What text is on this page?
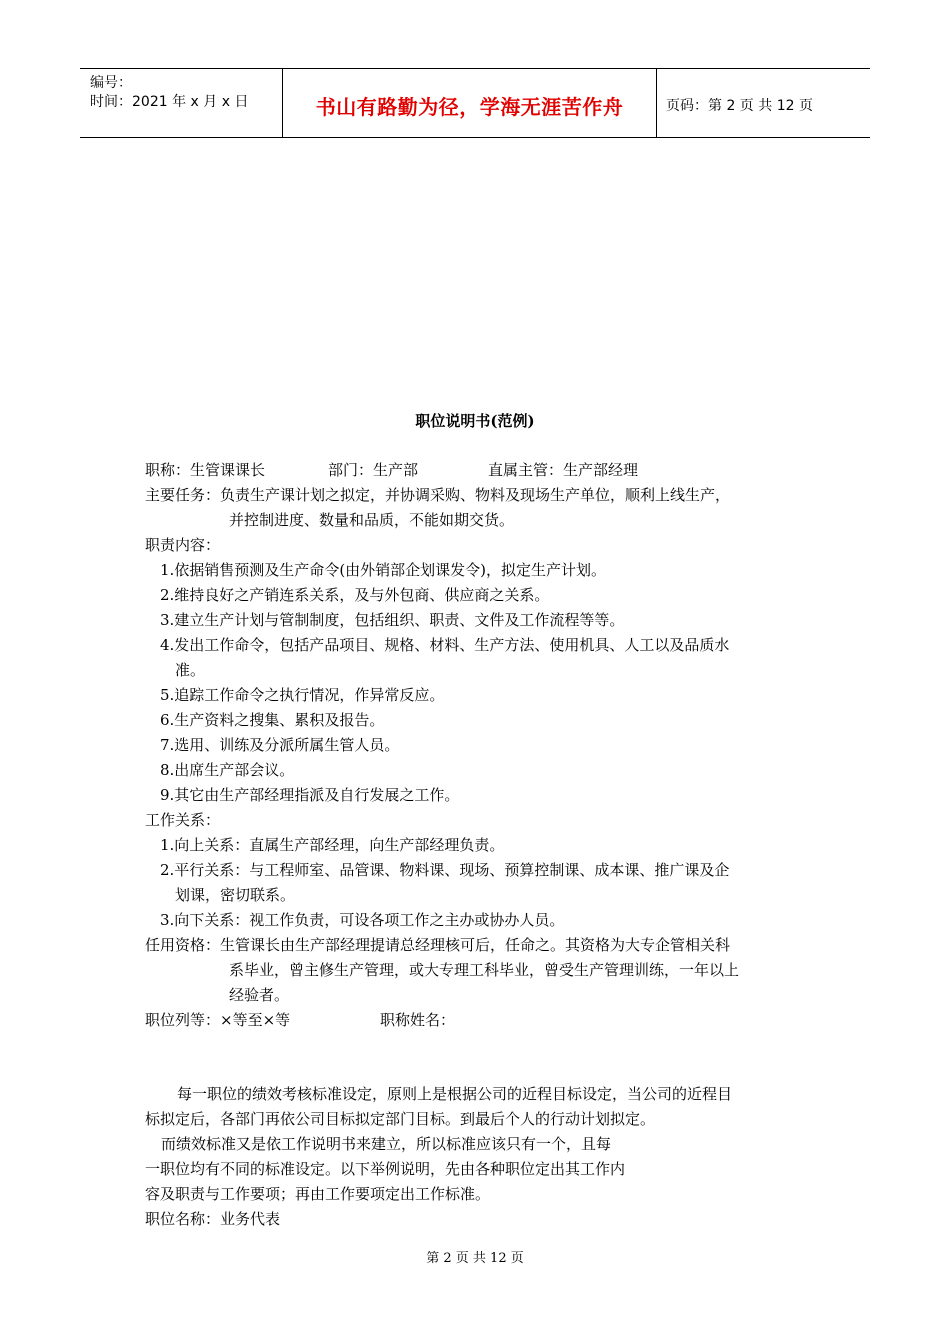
编号：
时间：2021 年 x 月 x 日	书山有路勤为径，学海无涯苦作舟	页码：第 2 页 共 12 页
职位说明书(范例)
职称：生管课课长	部门：生产部	直属主管：生产部经理
主要任务：负责生产课计划之拟定，并协调采购、物料及现场生产单位，顺利上线生产，
并控制进度、数量和品质，不能如期交货。
职责内容：
1.依据销售预测及生产命令(由外销部企划课发令)，拟定生产计划。
2.维持良好之产销连系关系，及与外包商、供应商之关系。
3.建立生产计划与管制制度，包括组织、职责、文件及工作流程等等。
4.发出工作命令，包括产品项目、规格、材料、生产方法、使用机具、人工以及品质水
准。
5.追踪工作命令之执行情况，作异常反应。
6.生产资料之搜集、累积及报告。
7.选用、训练及分派所属生管人员。
8.出席生产部会议。
9.其它由生产部经理指派及自行发展之工作。
工作关系：
1.向上关系：直属生产部经理，向生产部经理负责。
2.平行关系：与工程师室、品管课、物料课、现场、预算控制课、成本课、推广课及企
划课，密切联系。
3.向下关系：视工作负责，可设各项工作之主办或协办人员。
任用资格：生管课长由生产部经理提请总经理核可后，任命之。其资格为大专企管相关科
系毕业，曾主修生产管理，或大专理工科毕业，曾受生产管理训练，一年以上
经验者。
职位列等：×等至×等	职称姓名：
每一职位的绩效考核标准设定，原则上是根据公司的近程目标设定，当公司的近程目
标拟定后，各部门再依公司目标拟定部门目标。到最后个人的行动计划拟定。
而绩效标准又是依工作说明书来建立，所以标准应该只有一个，且每
一职位均有不同的标准设定。以下举例说明，先由各种职位定出其工作内
容及职责与工作要项；再由工作要项定出工作标准。
职位名称：业务代表
第 2 页 共 12 页
